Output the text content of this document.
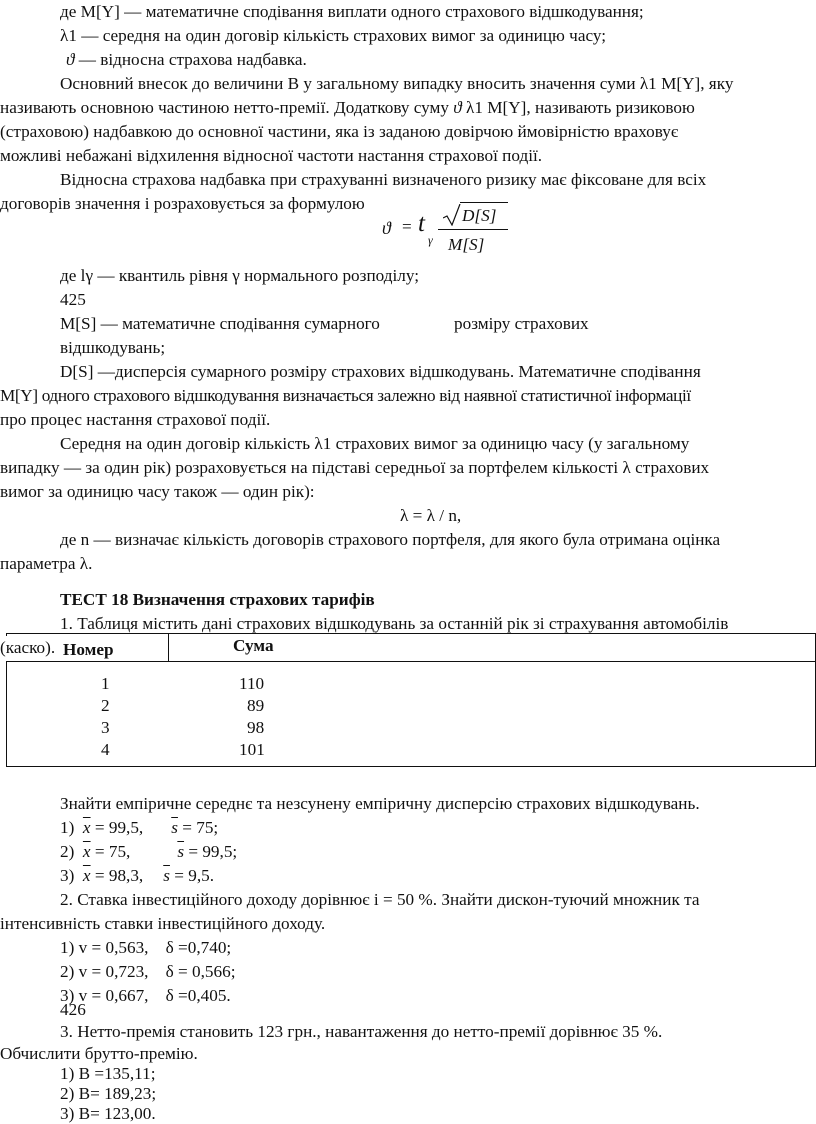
де M[Y] — математичне сподівання виплати одного страхового відшкодування;
λ1 — середня на один договір кількість страхових вимог за одиницю часу;
ϑ — відносна страхова надбавка.
Основний внесок до величини В у загальному випадку вносить значення суми λ1 M[Y], яку
називають основною частиною нетто-премії. Додаткову суму ϑ λ1 M[Y], називають ризиковою
(страховою) надбавкою до основної частини, яка із заданою довірчою ймовірністю враховує
можливі небажані відхилення відносної частоти настання страхової події.
Відносна страхова надбавка при страхуванні визначеного ризику має фіксоване для всіх
договорів значення і розраховується за формулою
ϑ = t
γ
D[S]
M[S]
де lγ — квантиль рівня γ нормального розподілу;
425
M[S] — математичне сподівання сумарного	розміру страхових
відшкодувань;
D[S] —дисперсія сумарного розміру страхових відшкодувань. Математичне сподівання
M[Y] одного страхового відшкодування визначається залежно від наявної статистичної інформації
про процес настання страхової події.
Середня на один договір кількість λ1 страхових вимог за одиницю часу (у загальному
випадку — за один рік) розраховується на підставі середньої за портфелем кількості λ страхових
вимог за одиницю часу також — один рік):
λ = λ / n,
де n — визначає кількість договорів страхового портфеля, для якого була отримана оцінка
параметра λ.
ТЕСТ 18 Визначення страхових тарифів
1. Таблиця містить дані страхових відшкодувань за останній рік зі страхування автомобілів
(каско). Номер	Сума
1	110
2	89
3	98
4	101
Знайти емпіричне середнє та незсунену емпіричну дисперсію страхових відшкодувань.
1) $\overline{x} = 99,5$, $\overline{s} = 75$;
2) $\overline{x} = 75$,	$\overline{s} = 99,5$;
3) $\overline{x} = 98,3$, $\overline{s} = 9,5$.
2. Ставка інвестиційного доходу дорівнює і = 50 %. Знайти дискон-туючий множник та
інтенсивність ставки інвестиційного доходу.
1) v = 0,563,    δ =0,740;
2) v = 0,723,    δ = 0,566;
3) v = 0,667,    δ =0,405.
426
3. Нетто-премія становить 123 грн., навантаження до нетто-премії дорівнює 35 %.
Обчислити брутто-премію.
1) B =135,11;
2) B= 189,23;
3) B= 123,00.
